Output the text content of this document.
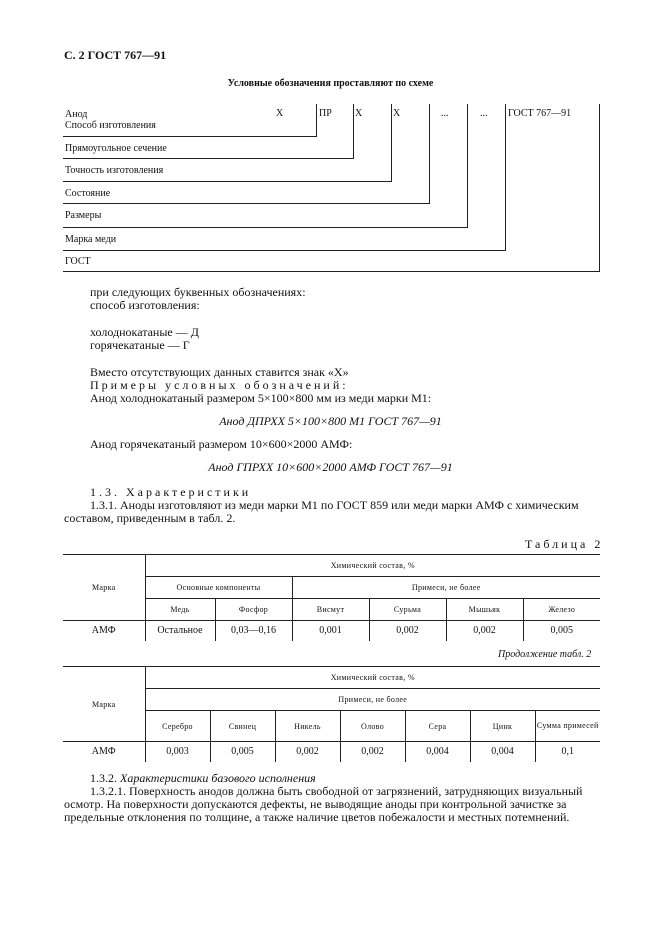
С. 2 ГОСТ 767—91
Условные обозначения проставляют по схеме
Х	ПР Х	Х	...	... ГОСТ 767—91
Анод
Способ изготовления
Прямоугольное сечение
Точность изготовления
Состояние
Размеры
Марка меди
ГОСТ
при следующих буквенных обозначениях:
способ изготовления:
холоднокатаные — Д
горячекатаные — Г
Вместо отсутствующих данных ставится знак «Х»
Примеры условных обозначений:
Анод холоднокатаный размером 5×100×800 мм из меди марки М1:
Анод ДПРХХ 5×100×800 М1 ГОСТ 767—91
Анод горячекатаный размером 10×600×2000 АМФ:
Анод ГПРХХ 10×600×2000 АМФ ГОСТ 767—91
1.3. Характеристики
1.3.1. Аноды изготовляют из меди марки М1 по ГОСТ 859 или меди марки АМФ с химическим
составом, приведенным в табл. 2.
Таблица 2
Марка	Химический состав, %					
	Основные компоненты		Примеси, не более			
	Медь	Фосфор	Висмут	Сурьма	Мышьяк	Железо
АМФ	Остальное	0,03—0,16	0,001	0,002	0,002	0,005
Продолжение табл. 2
Марка	Химический состав, %						
	Примеси, не более						
	Серебро	Свинец	Никель	Олово	Сера	Цинк	Сумма примесей
АМФ	0,003	0,005	0,002	0,002	0,004	0,004	0,1
1.3.2. Характеристики базового исполнения
1.3.2.1. Поверхность анодов должна быть свободной от загрязнений, затрудняющих визуальный
осмотр. На поверхности допускаются дефекты, не выводящие аноды при контрольной зачистке за
предельные отклонения по толщине, а также наличие цветов побежалости и местных потемнений.
